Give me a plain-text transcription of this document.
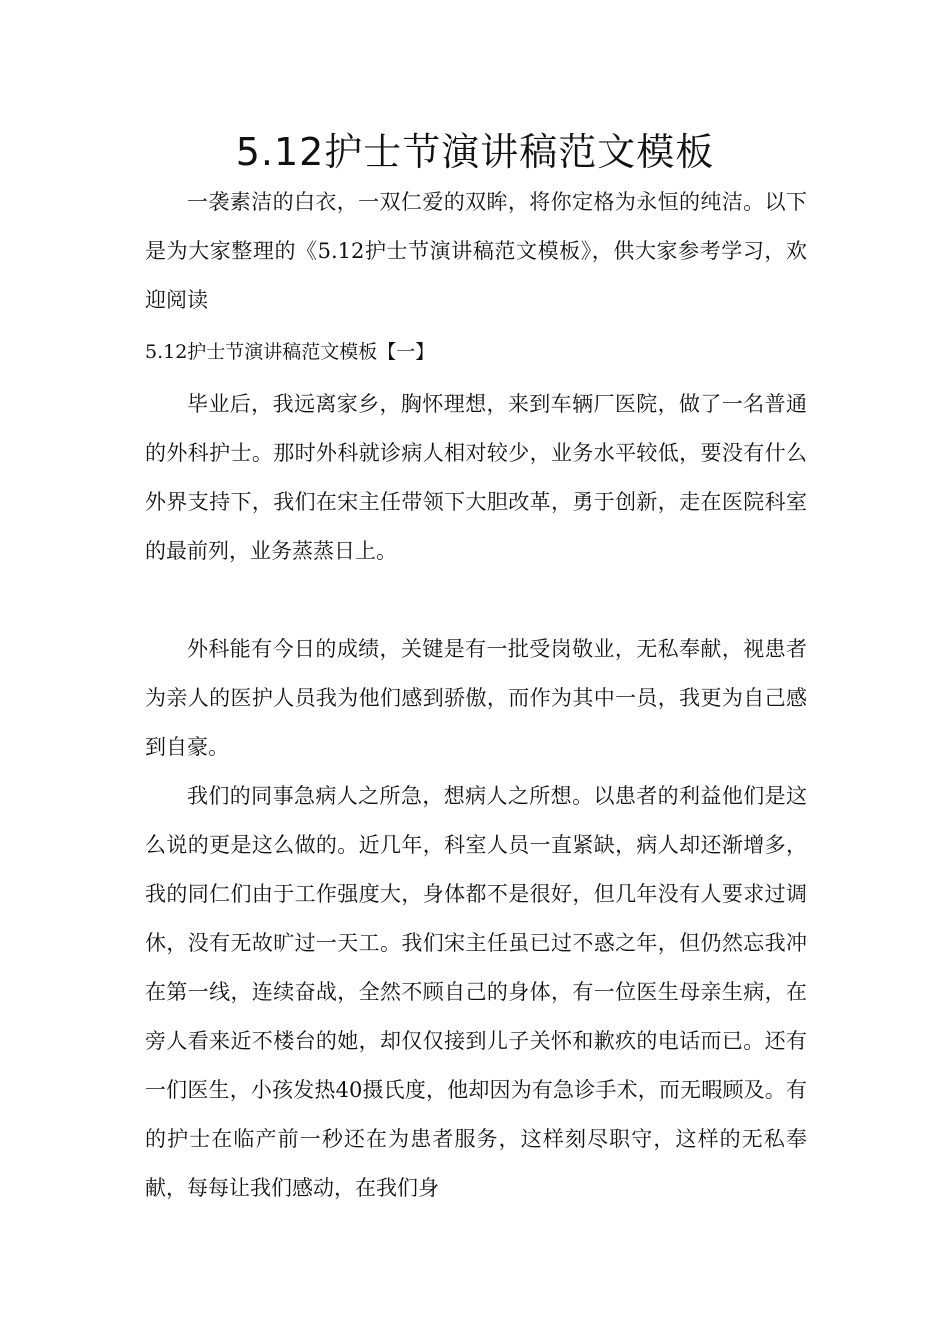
5.12护士节演讲稿范文模板

一袭素洁的白衣，一双仁爱的双眸，将你定格为永恒的纯洁。以下是为大家整理的《5.12护士节演讲稿范文模板》，供大家参考学习，欢迎阅读

5.12护士节演讲稿范文模板【一】

毕业后，我远离家乡，胸怀理想，来到车辆厂医院，做了一名普通的外科护士。那时外科就诊病人相对较少，业务水平较低，要没有什么外界支持下，我们在宋主任带领下大胆改革，勇于创新，走在医院科室的最前列，业务蒸蒸日上。

外科能有今日的成绩，关键是有一批受岗敬业，无私奉献，视患者为亲人的医护人员我为他们感到骄傲，而作为其中一员，我更为自己感到自豪。

我们的同事急病人之所急，想病人之所想。以患者的利益他们是这么说的更是这么做的。近几年，科室人员一直紧缺，病人却还渐增多，我的同仁们由于工作强度大，身体都不是很好，但几年没有人要求过调休，没有无故旷过一天工。我们宋主任虽已过不惑之年，但仍然忘我冲在第一线，连续奋战，全然不顾自己的身体，有一位医生母亲生病，在旁人看来近不楼台的她，却仅仅接到儿子关怀和歉疚的电话而已。还有一们医生，小孩发热40摄氏度，他却因为有急诊手术，而无暇顾及。有的护士在临产前一秒还在为患者服务，这样刻尽职守，这样的无私奉献，每每让我们感动，在我们身
